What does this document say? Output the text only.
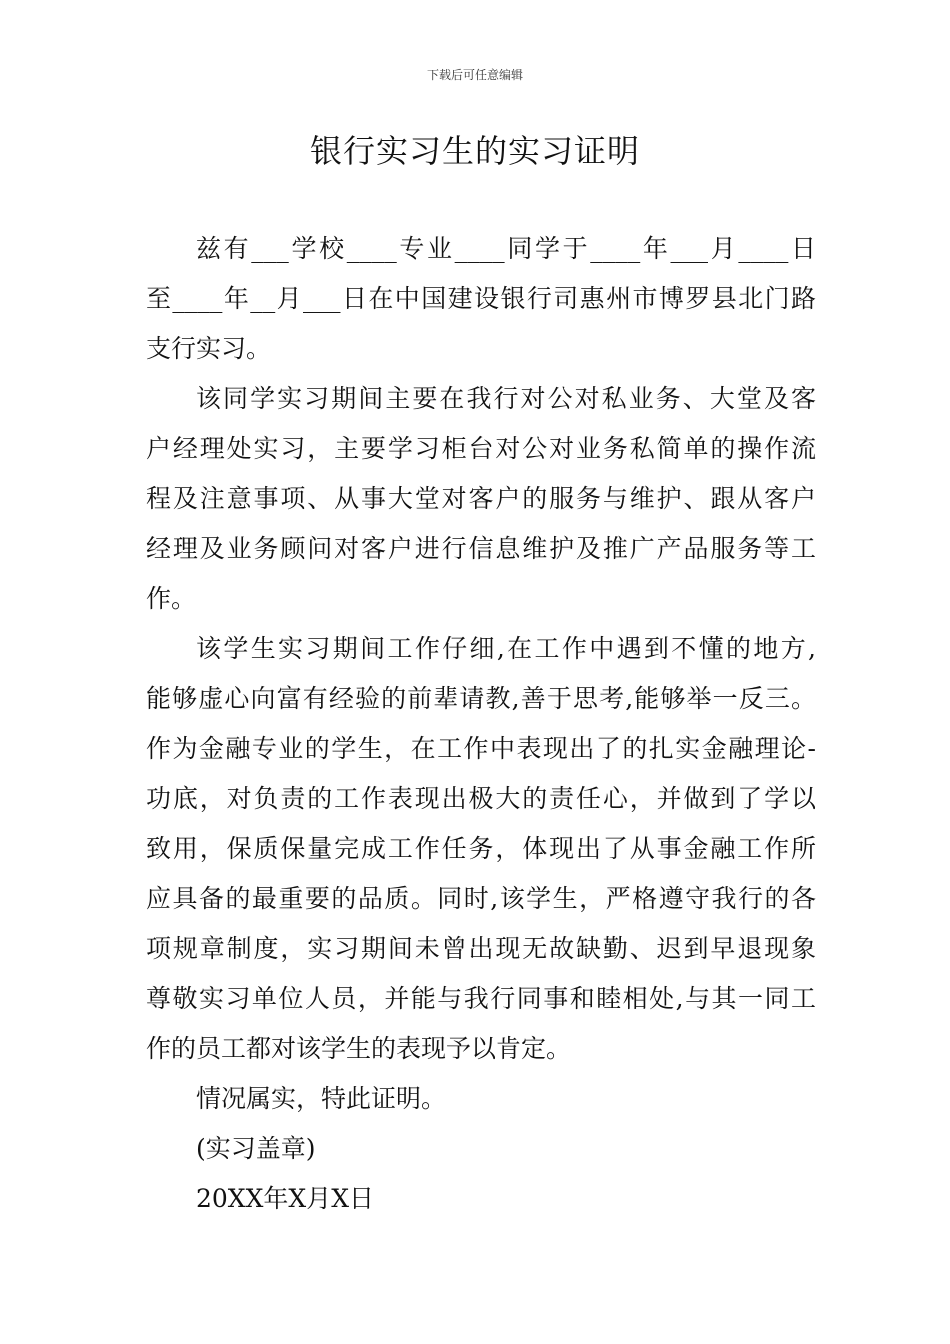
下载后可任意编辑
银行实习生的实习证明
兹有___学校____专业____同学于____年___月____日
至____年__月___日在中国建设银行司惠州市博罗县北门路
支行实习。
该同学实习期间主要在我行对公对私业务、大堂及客
户经理处实习，主要学习柜台对公对业务私简单的操作流
程及注意事项、从事大堂对客户的服务与维护、跟从客户
经理及业务顾问对客户进行信息维护及推广产品服务等工
作。
该学生实习期间工作仔细,在工作中遇到不懂的地方,
能够虚心向富有经验的前辈请教,善于思考,能够举一反三。
作为金融专业的学生，在工作中表现出了的扎实金融理论-
功底，对负责的工作表现出极大的责任心，并做到了学以
致用，保质保量完成工作任务，体现出了从事金融工作所
应具备的最重要的品质。同时,该学生，严格遵守我行的各
项规章制度，实习期间未曾出现无故缺勤、迟到早退现象
尊敬实习单位人员，并能与我行同事和睦相处,与其一同工
作的员工都对该学生的表现予以肯定。
情况属实，特此证明。
(实习盖章)
20XX年X月X日
